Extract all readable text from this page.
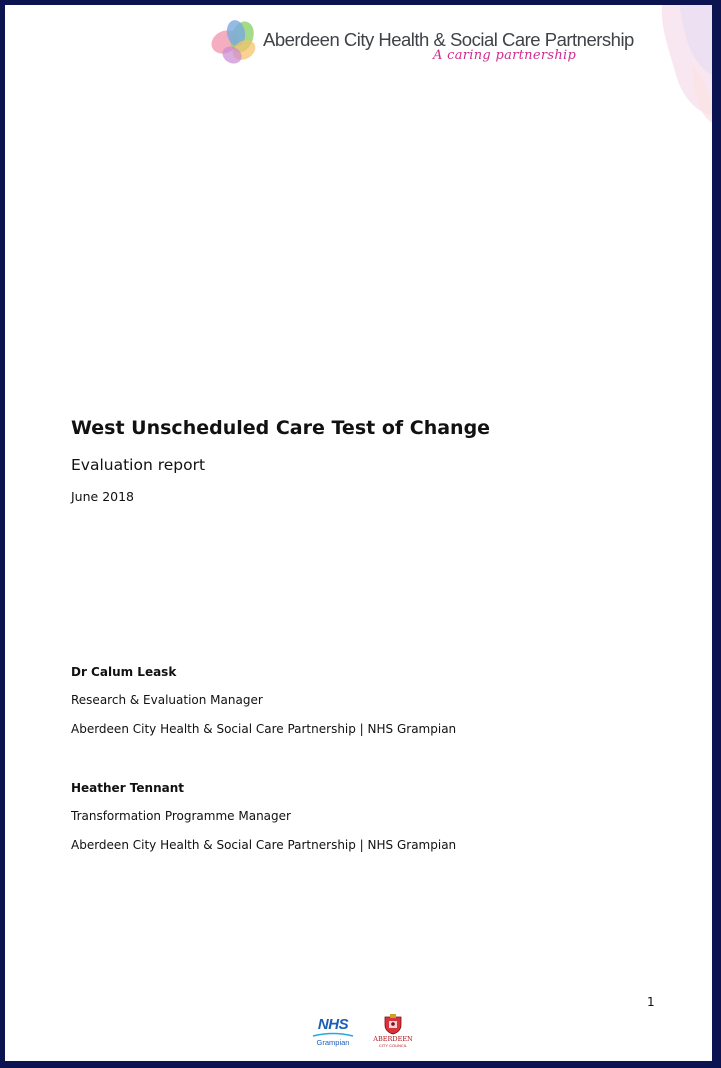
Aberdeen City Health & Social Care Partnership
A caring partnership
West Unscheduled Care Test of Change
Evaluation report
June 2018
Dr Calum Leask
Research & Evaluation Manager
Aberdeen City Health & Social Care Partnership | NHS Grampian
Heather Tennant
Transformation Programme Manager
Aberdeen City Health & Social Care Partnership | NHS Grampian
1
NHS
Grampian	ABERDEEN
CITY COUNCIL
